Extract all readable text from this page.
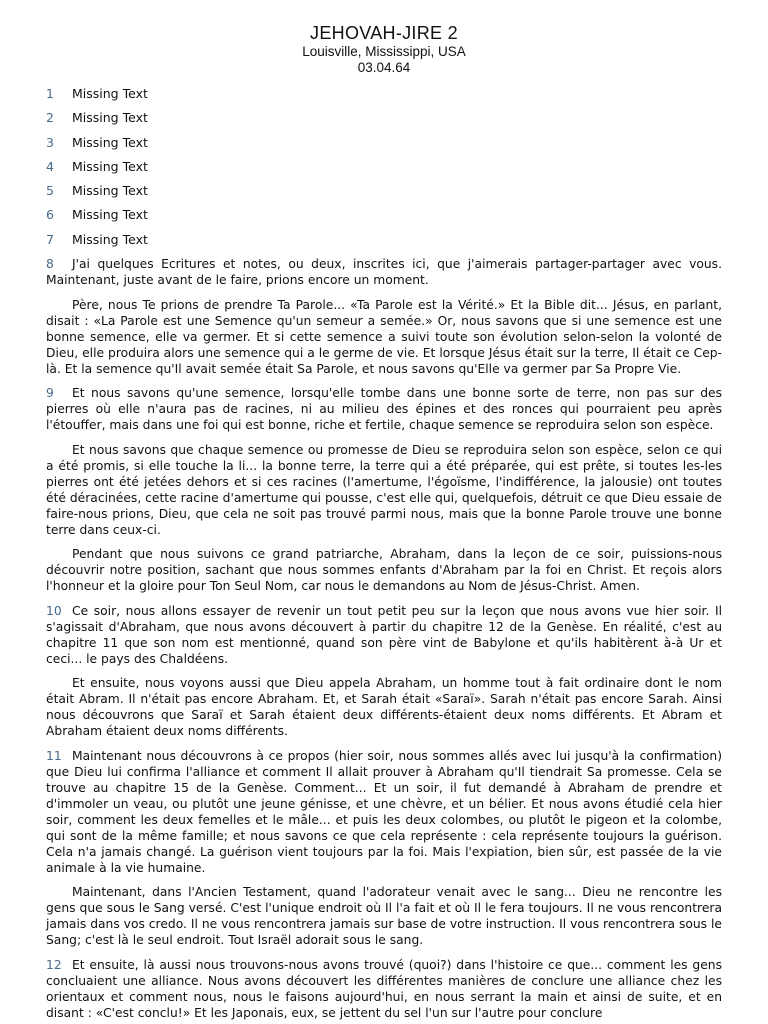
JEHOVAH-JIRE 2
Louisville, Mississippi, USA
03.04.64
1	Missing Text
2	Missing Text
3	Missing Text
4	Missing Text
5	Missing Text
6	Missing Text
7	Missing Text

8 J'ai quelques Ecritures et notes, ou deux, inscrites ici, que j'aimerais partager-partager avec vous. Maintenant, juste avant de le faire, prions encore un moment.

Père, nous Te prions de prendre Ta Parole... «Ta Parole est la Vérité.» Et la Bible dit... Jésus, en parlant, disait : «La Parole est une Semence qu'un semeur a semée.» Or, nous savons que si une semence est une bonne semence, elle va germer. Et si cette semence a suivi toute son évolution selon-selon la volonté de Dieu, elle produira alors une semence qui a le germe de vie. Et lorsque Jésus était sur la terre, Il était ce Cep-là. Et la semence qu'Il avait semée était Sa Parole, et nous savons qu'Elle va germer par Sa Propre Vie.

9 Et nous savons qu'une semence, lorsqu'elle tombe dans une bonne sorte de terre, non pas sur des pierres où elle n'aura pas de racines, ni au milieu des épines et des ronces qui pourraient peu après l'étouffer, mais dans une foi qui est bonne, riche et fertile, chaque semence se reproduira selon son espèce.

Et nous savons que chaque semence ou promesse de Dieu se reproduira selon son espèce, selon ce qui a été promis, si elle touche la li... la bonne terre, la terre qui a été préparée, qui est prête, si toutes les-les pierres ont été jetées dehors et si ces racines (l'amertume, l'égoïsme, l'indifférence, la jalousie) ont toutes été déracinées, cette racine d'amertume qui pousse, c'est elle qui, quelquefois, détruit ce que Dieu essaie de faire-nous prions, Dieu, que cela ne soit pas trouvé parmi nous, mais que la bonne Parole trouve une bonne terre dans ceux-ci.

Pendant que nous suivons ce grand patriarche, Abraham, dans la leçon de ce soir, puissions-nous découvrir notre position, sachant que nous sommes enfants d'Abraham par la foi en Christ. Et reçois alors l'honneur et la gloire pour Ton Seul Nom, car nous le demandons au Nom de Jésus-Christ. Amen.

10 Ce soir, nous allons essayer de revenir un tout petit peu sur la leçon que nous avons vue hier soir. Il s'agissait d'Abraham, que nous avons découvert à partir du chapitre 12 de la Genèse. En réalité, c'est au chapitre 11 que son nom est mentionné, quand son père vint de Babylone et qu'ils habitèrent à-à Ur et ceci... le pays des Chaldéens.

Et ensuite, nous voyons aussi que Dieu appela Abraham, un homme tout à fait ordinaire dont le nom était Abram. Il n'était pas encore Abraham. Et, et Sarah était «Saraï». Sarah n'était pas encore Sarah. Ainsi nous découvrons que Saraï et Sarah étaient deux différents-étaient deux noms différents. Et Abram et Abraham étaient deux noms différents.

11 Maintenant nous découvrons à ce propos (hier soir, nous sommes allés avec lui jusqu'à la confirmation) que Dieu lui confirma l'alliance et comment Il allait prouver à Abraham qu'Il tiendrait Sa promesse. Cela se trouve au chapitre 15 de la Genèse. Comment... Et un soir, il fut demandé à Abraham de prendre et d'immoler un veau, ou plutôt une jeune génisse, et une chèvre, et un bélier. Et nous avons étudié cela hier soir, comment les deux femelles et le mâle... et puis les deux colombes, ou plutôt le pigeon et la colombe, qui sont de la même famille; et nous savons ce que cela représente : cela représente toujours la guérison. Cela n'a jamais changé. La guérison vient toujours par la foi. Mais l'expiation, bien sûr, est passée de la vie animale à la vie humaine.

Maintenant, dans l'Ancien Testament, quand l'adorateur venait avec le sang... Dieu ne rencontre les gens que sous le Sang versé. C'est l'unique endroit où Il l'a fait et où Il le fera toujours. Il ne vous rencontrera jamais dans vos credo. Il ne vous rencontrera jamais sur base de votre instruction. Il vous rencontrera sous le Sang; c'est là le seul endroit. Tout Israël adorait sous le sang.

12 Et ensuite, là aussi nous trouvons-nous avons trouvé (quoi?) dans l'histoire ce que... comment les gens concluaient une alliance. Nous avons découvert les différentes manières de conclure une alliance chez les orientaux et comment nous, nous le faisons aujourd'hui, en nous serrant la main et ainsi de suite, et en disant : «C'est conclu!» Et les Japonais, eux, se jettent du sel l'un sur l'autre pour conclure
